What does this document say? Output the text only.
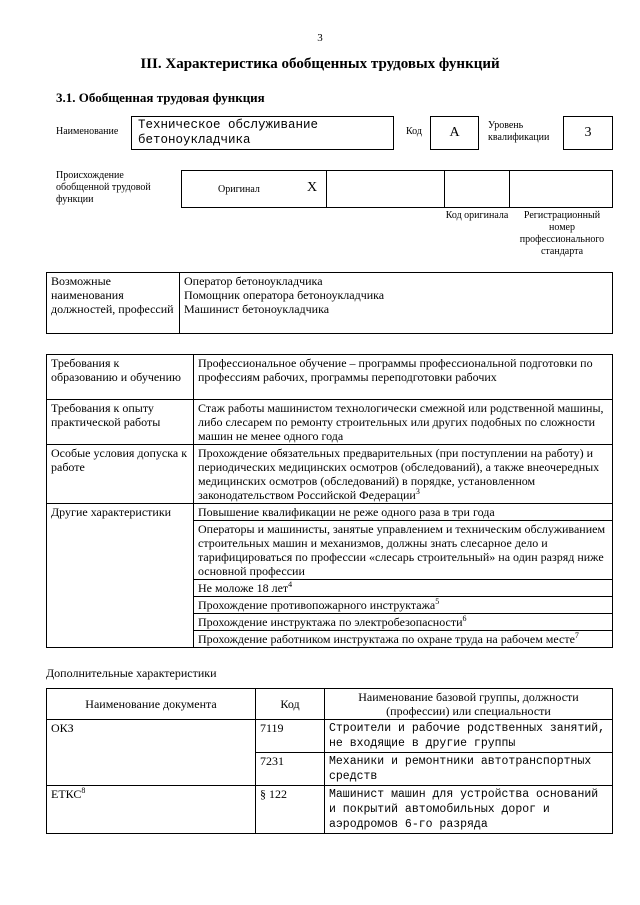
3
III. Характеристика обобщенных трудовых функций
3.1. Обобщенная трудовая функция
Наименование	Техническое обслуживание бетоноукладчика
Код	А	Уровень квалификации	3
Происхождение обобщенной трудовой функции
Оригинал	X
Код оригинала	Регистрационный номер профессионального стандарта
Возможные наименования должностей, профессий	
Оператор бетоноукладчика
Помощник оператора бетоноукладчика
Машинист бетоноукладчика
Требования к образованию и обучению	Профессиональное обучение – программы профессиональной подготовки по профессиям рабочих, программы переподготовки рабочих
Требования к опыту практической работы	Стаж работы машинистом технологически смежной или родственной машины, либо слесарем по ремонту строительных или других подобных по сложности машин не менее одного года
Особые условия допуска к работе	Прохождение обязательных предварительных (при поступлении на работу) и периодических медицинских осмотров (обследований), а также внеочередных медицинских осмотров (обследований) в порядке, установленном законодательством Российской Федерации$^3$
Другие характеристики	Повышение квалификации не реже одного раза в три года
	Операторы и машинисты, занятые управлением и техническим обслуживанием строительных машин и механизмов, должны знать слесарное дело и тарифицироваться по профессии «слесарь строительный» на один разряд ниже основной профессии
	Не моложе 18 лет$^4$
	Прохождение противопожарного инструктажа$^5$
	Прохождение инструктажа по электробезопасности$^6$
	Прохождение работником инструктажа по охране труда на рабочем месте$^7$
Дополнительные характеристики
Наименование документа	Код	Наименование базовой группы, должности (профессии) или специальности
ОКЗ	7119	Строители и рабочие родственных занятий, не входящие в другие группы
	7231	Механики и ремонтники автотранспортных средств
ЕТКС$^8$	§ 122	Машинист машин для устройства оснований и покрытий автомобильных дорог и аэродромов 6-го разряда
